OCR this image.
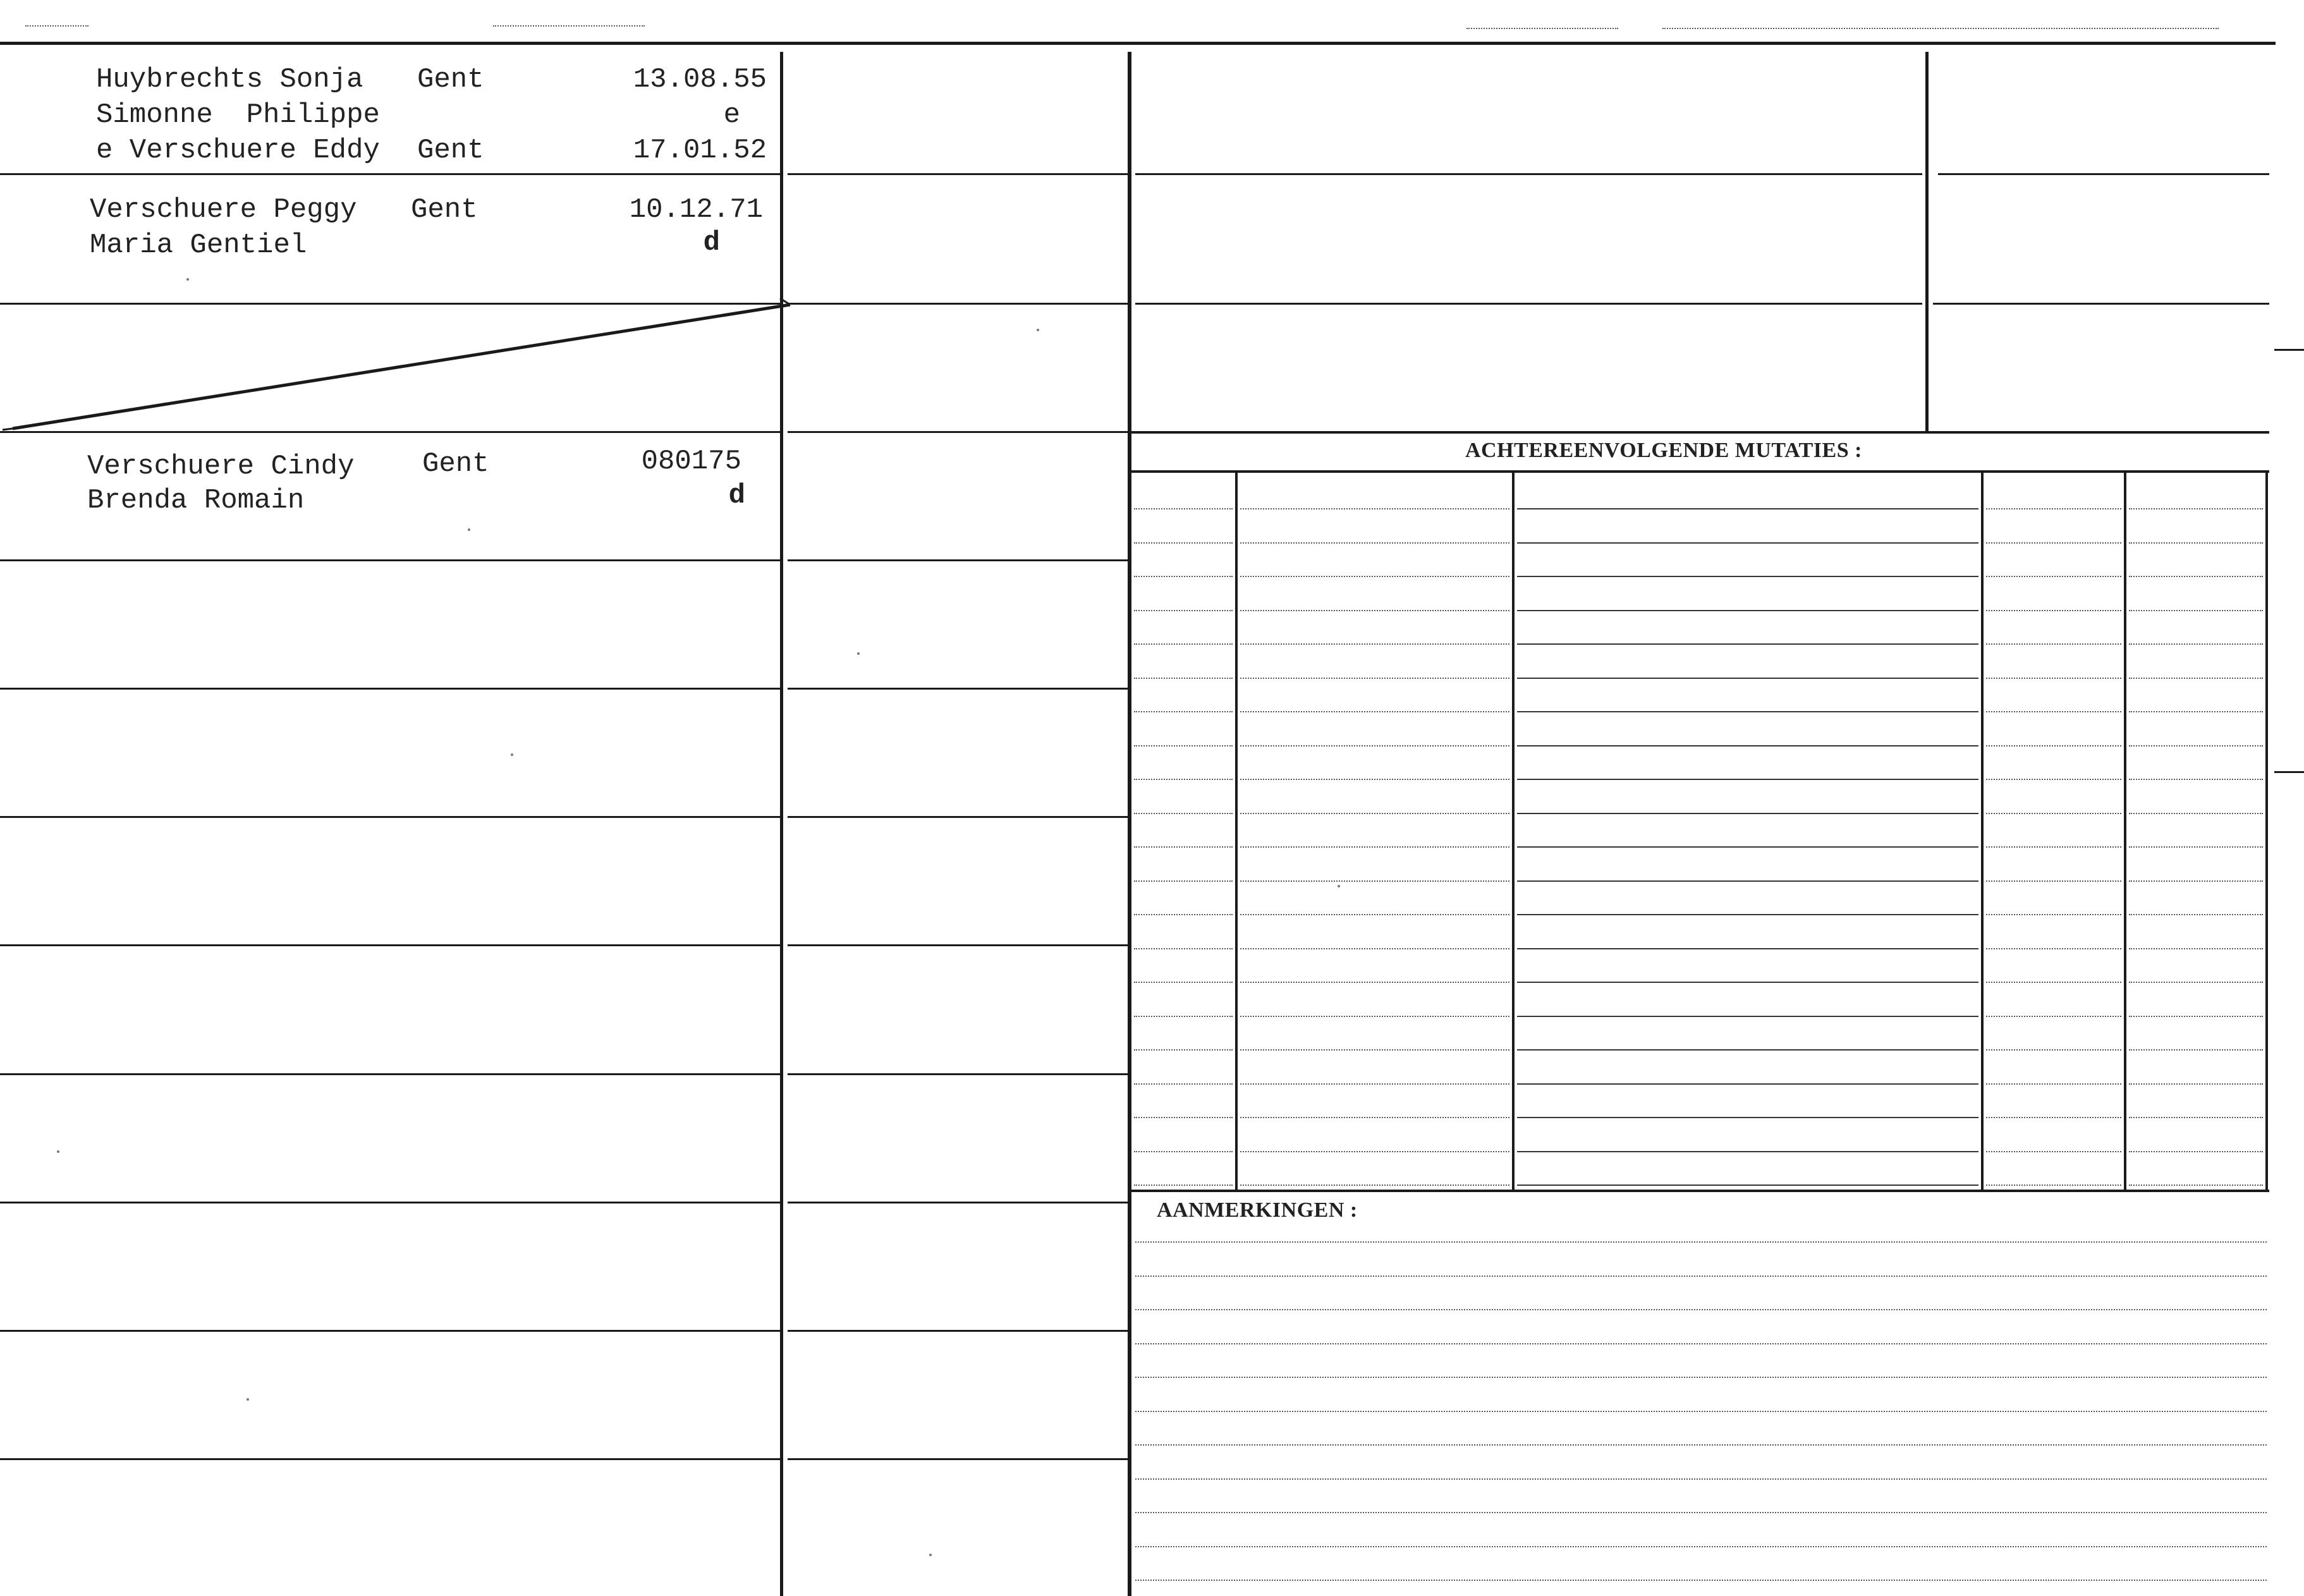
Huybrechts Sonja
Simonne  Philippe
e Verschuere Eddy
Gent
Gent
13.08.55
e
17.01.52
Verschuere Peggy
Maria Gentiel
Gent	10.12.71
d
Verschuere Cindy
Brenda Romain
Gent	080175
d
ACHTEREENVOLGENDE MUTATIES :
AANMERKINGEN :
